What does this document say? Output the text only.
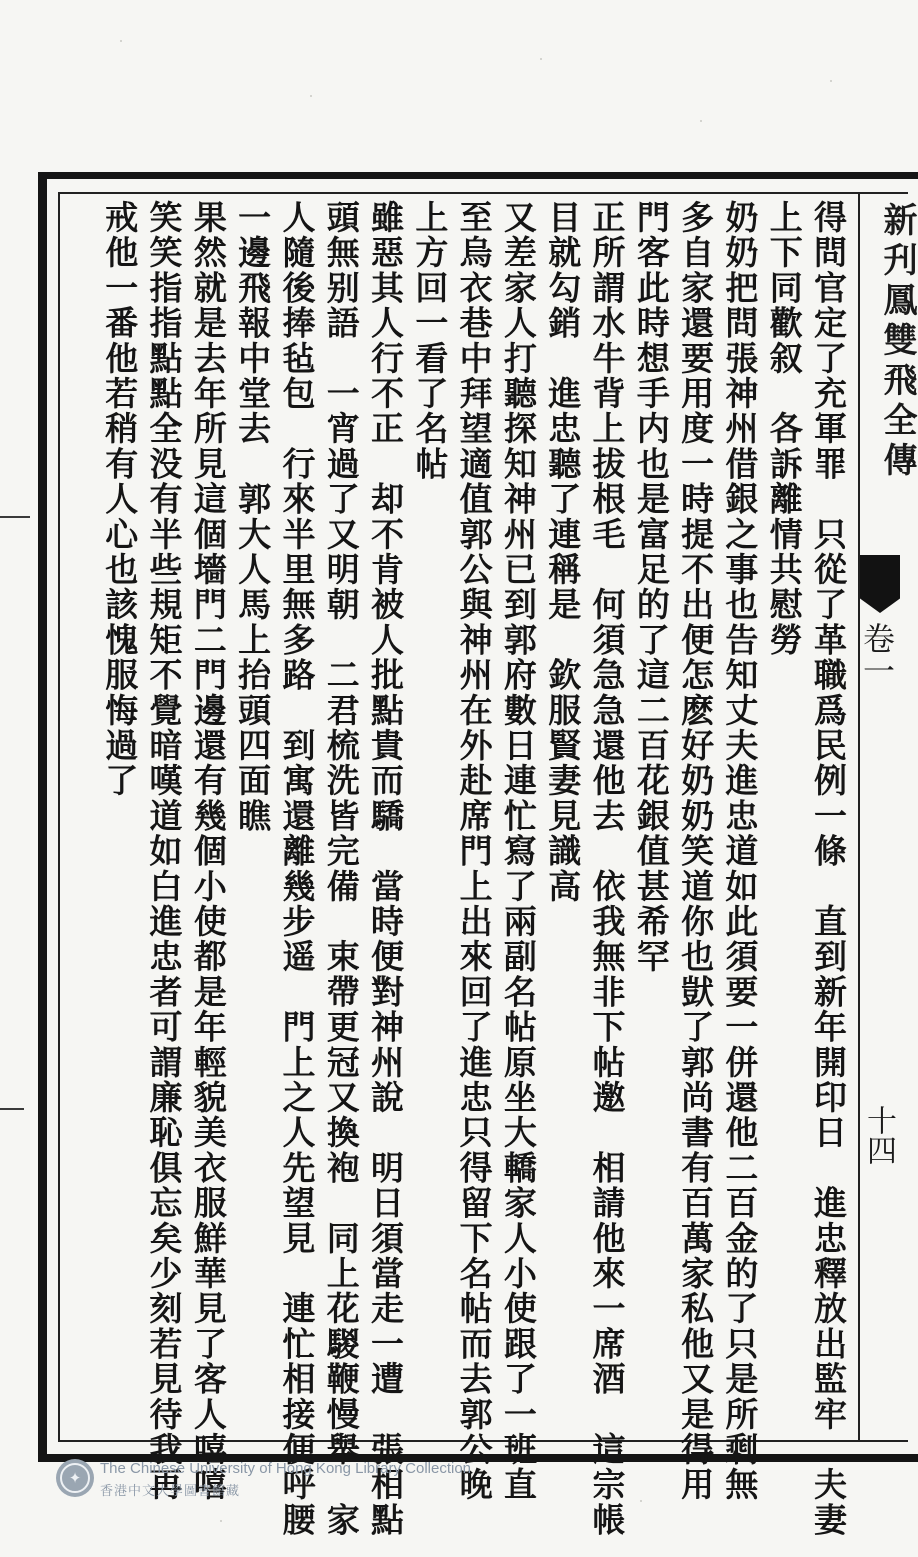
新刋鳳雙飛全傳
卷一
十四
得問官定了充軍罪　只從了革職爲民例一條　直到新年開印日　進忠釋放出監牢　夫妻
上下同歡叙　各訴離情共慰勞
奶奶把問張神州借銀之事也告知丈夫進忠道如此須要一併還他二百金的了只是所剩無
多自家還要用度一時提不出便怎麽好奶奶笑道你也獃了郭尚書有百萬家私他又是得用
門客此時想手内也是富足的了這二百花銀值甚希罕
正所謂水牛背上拔根毛　何須急急還他去　依我無非下帖邀　相請他來一席酒　這宗帳
目就勾銷　進忠聽了連稱是　欽服賢妻見識高
又差家人打聽探知神州已到郭府數日連忙寫了兩副名帖原坐大轎家人小使跟了一班直
至烏衣巷中拜望適值郭公與神州在外赴席門上出來回了進忠只得留下名帖而去郭公晚
上方回一看了名帖
雖惡其人行不正　却不肯被人批點貴而驕　當時便對神州說　明日須當走一遭　張相點
頭無别語　一宵過了又明朝　二君梳洗皆完備　束帶更冠又換袍　同上花騣鞭慢舉　家
人隨後捧毡包　行來半里無多路　到寓還離幾步遥　門上之人先望見　連忙相接便呼腰
一邊飛報中堂去　郭大人馬上抬頭四面瞧
果然就是去年所見這個墻門二門邊還有幾個小使都是年輕貌美衣服鮮華見了客人嘻嘻
笑笑指指點點全没有半些規矩不覺暗嘆道如白進忠者可謂廉恥俱忘矣少刻若見待我再
戒他一番他若稍有人心也該愧服悔過了
✦
The Chinese University of Hong Kong Library Collection
香港中文大學圖書館藏
